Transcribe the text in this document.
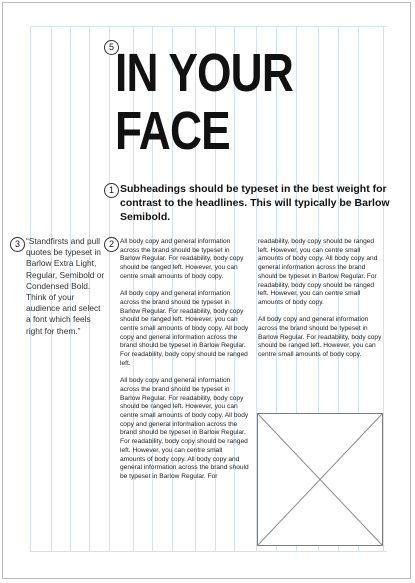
5 IN YOUR
FACE
1 Subheadings should be typeset in the best weight for contrast to the headlines. This will typically be Barlow Semibold.
3 “Standfirsts and pull quotes be typeset in Barlow Extra Light, Regular, Semibold or Condensed Bold. Think of your audience and select a font which feels right for them.”
2 All body copy and general information across the brand should be typeset in Barlow Regular. For readability, body copy should be ranged left. However, you can centre small amounts of body copy.

All body copy and general information across the brand should be typeset in Barlow Regular. For readability, body copy should be ranged left. However, you can centre small amounts of body copy. All body copy and general information across the brand should be typeset in Barlow Regular. For readability, body copy should be ranged left.

All body copy and general information across the brand should be typeset in Barlow Regular. For readability, body copy should be ranged left. However, you can centre small amounts of body copy. All body copy and general information across the brand should be typeset in Barlow Regular. For readability, body copy should be ranged left. However, you can centre small amounts of body copy. All body copy and general information across the brand should be typeset in Barlow Regular. For

readability, body copy should be ranged left. However, you can centre small amounts of body copy. All body copy and general information across the brand should be typeset in Barlow Regular. For readability, body copy should be ranged left. However, you can centre small amounts of body copy.

All body copy and general information across the brand should be typeset in Barlow Regular. For readability, body copy should be ranged left. However, you can centre small amounts of body copy.
